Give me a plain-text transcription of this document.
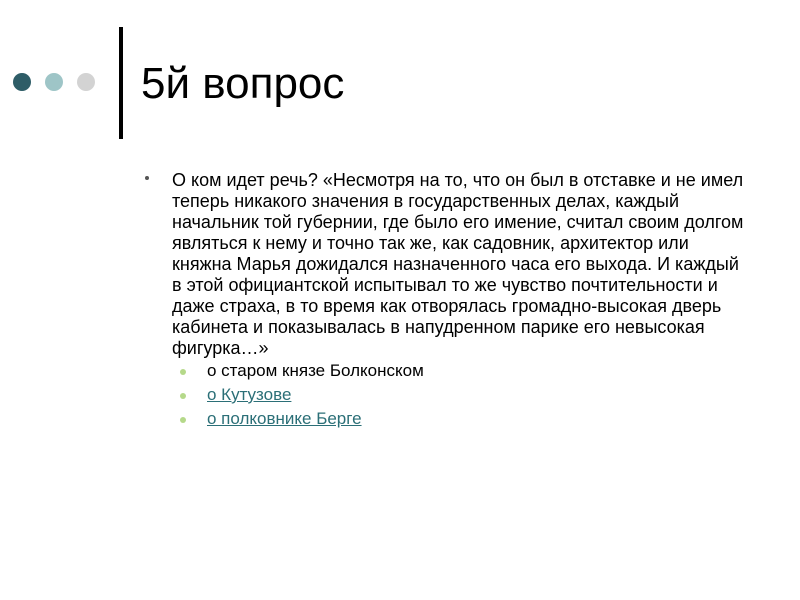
5й вопрос
О ком идет речь? «Несмотря на то, что он был в отставке и не имел теперь никакого значения в государственных делах, каждый начальник той губернии, где было его имение, считал своим долгом являться к нему и точно так же, как садовник, архитектор или княжна Марья дожидался назначенного часа его выхода. И каждый в этой официантской испытывал то же чувство почтительности и даже страха, в то время как отворялась громадно-высокая дверь кабинета и показывалась в напудренном парике его невысокая фигурка…»
о старом князе Болконском
о Кутузове
о полковнике Берге
